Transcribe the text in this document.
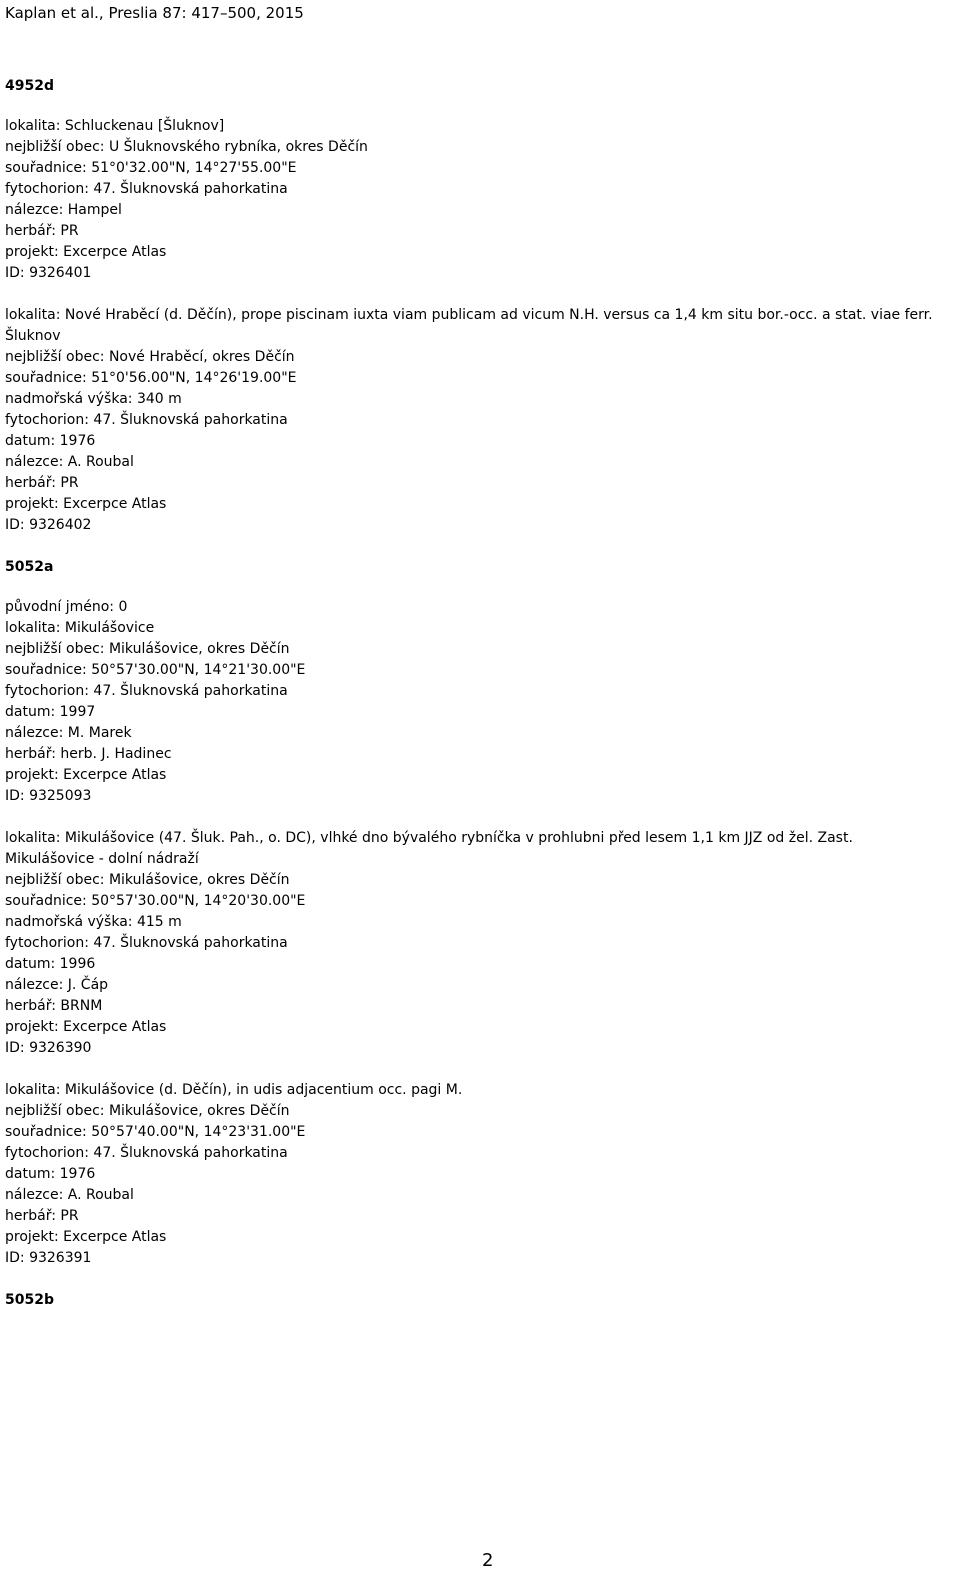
Kaplan et al., Preslia 87: 417–500, 2015
4952d
lokalita: Schluckenau [Šluknov]
nejbližší obec: U Šluknovského rybníka, okres Děčín
souřadnice: 51°0'32.00"N, 14°27'55.00"E
fytochorion: 47. Šluknovská pahorkatina
nálezce: Hampel
herbář: PR
projekt: Excerpce Atlas
ID: 9326401
lokalita: Nové Hraběcí (d. Děčín), prope piscinam iuxta viam publicam ad vicum N.H. versus ca 1,4 km situ bor.-occ. a stat. viae ferr.
Šluknov
nejbližší obec: Nové Hraběcí, okres Děčín
souřadnice: 51°0'56.00"N, 14°26'19.00"E
nadmořská výška: 340 m
fytochorion: 47. Šluknovská pahorkatina
datum: 1976
nálezce: A. Roubal
herbář: PR
projekt: Excerpce Atlas
ID: 9326402
5052a
původní jméno: 0
lokalita: Mikulášovice
nejbližší obec: Mikulášovice, okres Děčín
souřadnice: 50°57'30.00"N, 14°21'30.00"E
fytochorion: 47. Šluknovská pahorkatina
datum: 1997
nálezce: M. Marek
herbář: herb. J. Hadinec
projekt: Excerpce Atlas
ID: 9325093
lokalita: Mikulášovice (47. Šluk. Pah., o. DC), vlhké dno bývalého rybníčka v prohlubni před lesem 1,1 km JJZ od žel. Zast.
Mikulášovice - dolní nádraží
nejbližší obec: Mikulášovice, okres Děčín
souřadnice: 50°57'30.00"N, 14°20'30.00"E
nadmořská výška: 415 m
fytochorion: 47. Šluknovská pahorkatina
datum: 1996
nálezce: J. Čáp
herbář: BRNM
projekt: Excerpce Atlas
ID: 9326390
lokalita: Mikulášovice (d. Děčín), in udis adjacentium occ. pagi M.
nejbližší obec: Mikulášovice, okres Děčín
souřadnice: 50°57'40.00"N, 14°23'31.00"E
fytochorion: 47. Šluknovská pahorkatina
datum: 1976
nálezce: A. Roubal
herbář: PR
projekt: Excerpce Atlas
ID: 9326391
5052b
2
